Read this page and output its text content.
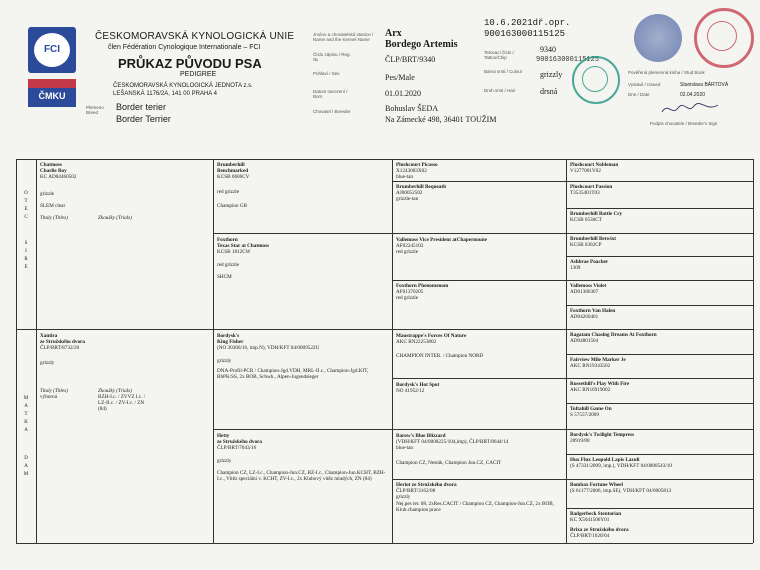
FCI
ČMKU
ČESKOMORAVSKÁ KYNOLOGICKÁ UNIE
člen Fédération Cynologique Internationale – FCI
PRŮKAZ PŮVODU PSA
PEDIGREE
ČESKOMORAVSKÁ KYNOLOGICKÁ JEDNOTA z.s.
LEŠANSKÁ 1176/2A, 141 00 PRAHA 4
Plemeno
Breed
Border terier
Border Terrier
Jméno a chovatelská stanice / Name and the Kennel Name
Číslo zápisu / Reg. №
Pohlaví / Sex
Datum narození / Born
Chovatel / Breeder
Arx
Bordego Artemis
ČLP/BRT/9340
Pes/Male
01.01.2020
Bohuslav ŠEDA
Na Zámecké 498, 36401 TOUŽIM
10.6.2021dř.opr.
900163000115125
Tetovací číslo / Tattoo/Chip
Barva srsti / Colour
Druh srsti / Hair
9340
900163000115125
grizzly
drsná
Pověřená plemenná kniha / Stud Book
Vystavil / Issued	Stanislava BÁRTOVÁ
Dne / Date	02.04.2020
Podpis chovatele / Breeder's Sign
O
T
E
C
S
I
R
E
M
A
T
K
A
D
A
M
Chatmoss
Charlie Boy
KC AD04460502
grizzle
SLEM clear
Tituly (Titles)	Zkoušky (Trials)
Xantira
ze Stružského dvora
ČLP/BRT/8732/20
grizzly
Tituly (Titles)	Zkoušky (Trials)
výborná	BZH-I.c. / ZVVZ I.c. / LZ-II.c. / ZV-I.c. / ZN (84)
Brumberhill
Benchmarked
KCSB 0606CV
red grizzle
Champion GB
Foxthorn
Texas Star at Chatmoss
KCSB 1812CW
red grizzle
SHCM
Bordysk's
King Fisher
(NO 30306/16, imp.N), VDH/KFT 04/0009522U
grizzly
DNA-Profil-PCR / Champion-Jgd.VDH, MRL-II.c., Champion-Jgd.KfT, BhPK/SS, 2x BOB, Schwh., Alpen-Jugendsieger
Hetty
ze Stružského dvora
ČLP/BRT/7043/16
grizzly
Champion CZ, LZ-I.c., Champion-Jun.CZ, BZ-I.c., Champion-Jun.KCHT, BZH-I.c., Vítěz speciální v. KCHT, ZV-I.c., 2x Klubový vítěz mladých, ZN (84)
Plushcourt Picasso
X1243003X02
blue-tan
Brumberhill Bequeath
AJ00052502
grizzle-tan
Vallemoss Vice President atChapernoune
AF02245103
red grizzle
Foxthorn Phenomenom
AF01370205
red grizzle
Maustrappe's Forces Of Nature
AKC RN22253802
CHAMPION INTER. / Champion NORD
Bordysk's Hot Spot
NO 41952/12
Barow's Blue Blizzard
(VDH/KFT 04/0008225/104,imp), ČLP/BRT/8644/14
blue-tan
Champion CZ, Nesták, Champion Jun.CZ, CACIT
Heriot ze Stružského dvora
ČLP/BRT/3162/08
grizzly
Nej.pes ter. 08, 2xRes.CACIT / Champion CZ, Champion-Jun.CZ, 2x BOB, Klub.champion prace
Plushcourt Nobleman
V1277001V02
Plushcourt Passion
T3535401T03
Brumberhill Battle Cry
KCSB 0536CT
Brumberhill Betwixt
KCSB 0302CP
Ashbrae Poacher
1309
Vallemoss Violet
AD01386307
Foxthorn Van Halen
AD04260401
Ragatam Chasing Dreams At Foxthorn
AD04801504
Fairview Mile Marker Je
AKC RN19343502
Russethill's Play With Fire
AKC RN16919002
Toftahill Game On
S 57557/2009
Bordysk's Twilight Tempress
28919/08
Hux Flux Leopold Lapis Lazuli
(S 47331/2009, imp.), VDH/KFT 04/0008543/10
Bombax Fortune Wheel
(S 61177/2006, imp.SE), VDH/KFT 04/0005813
Badgerbeck Stentorian
KC X5041506Y01
Brixa ze Stružského dvora
ČLP/BRT/1620/04
